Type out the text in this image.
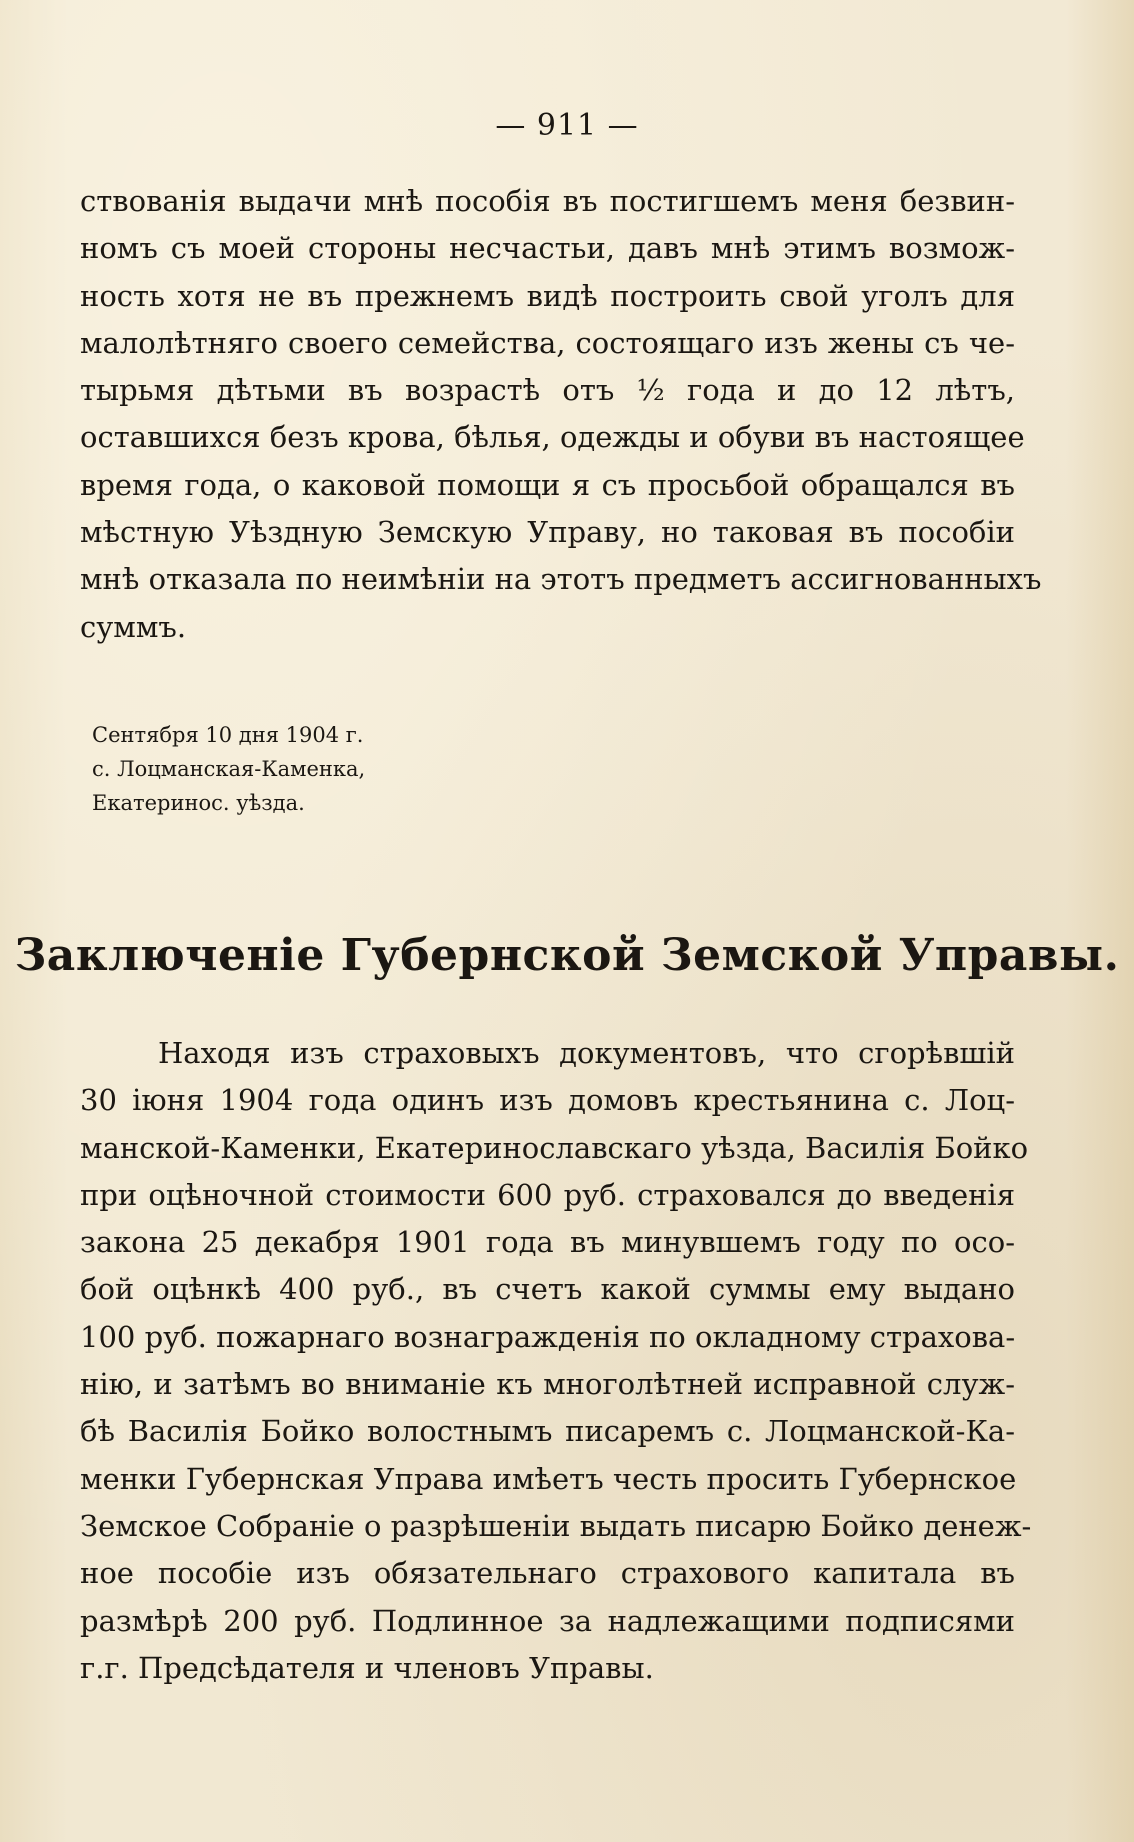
— 911 —

ствованія выдачи мнѣ пособія въ постигшемъ меня безвин-
номъ съ моей стороны несчастьи, давъ мнѣ этимъ возмож-
ность хотя не въ прежнемъ видѣ построить свой уголъ для
малолѣтняго своего семейства, состоящаго изъ жены съ че-
тырьмя дѣтьми въ возрастѣ отъ ½ года и до 12 лѣтъ,
оставшихся безъ крова, бѣлья, одежды и обуви въ настоящее
время года, о каковой помощи я съ просьбой обращался въ
мѣстную Уѣздную Земскую Управу, но таковая въ пособіи
мнѣ отказала по неимѣніи на этотъ предметъ ассигнованныхъ
суммъ.

Сентября 10 дня 1904 г.
с. Лоцманская-Каменка,
Екатеринос. уѣзда.
Заключеніе Губернской Земской Управы.

Находя изъ страховыхъ документовъ, что сгорѣвшій
30 іюня 1904 года одинъ изъ домовъ крестьянина с. Лоц-
манской-Каменки, Екатеринославскаго уѣзда, Василія Бойко
при оцѣночной стоимости 600 руб. страховался до введенія
закона 25 декабря 1901 года въ минувшемъ году по осо-
бой оцѣнкѣ 400 руб., въ счетъ какой суммы ему выдано
100 руб. пожарнаго вознагражденія по окладному страхова-
нію, и затѣмъ во вниманіе къ многолѣтней исправной служ-
бѣ Василія Бойко волостнымъ писаремъ с. Лоцманской-Ка-
менки Губернская Управа имѣетъ честь просить Губернское
Земское Собраніе о разрѣшеніи выдать писарю Бойко денеж-
ное пособіе изъ обязательнаго страхового капитала въ
размѣрѣ 200 руб. Подлинное за надлежащими подписями
г.г. Предсѣдателя и членовъ Управы.
